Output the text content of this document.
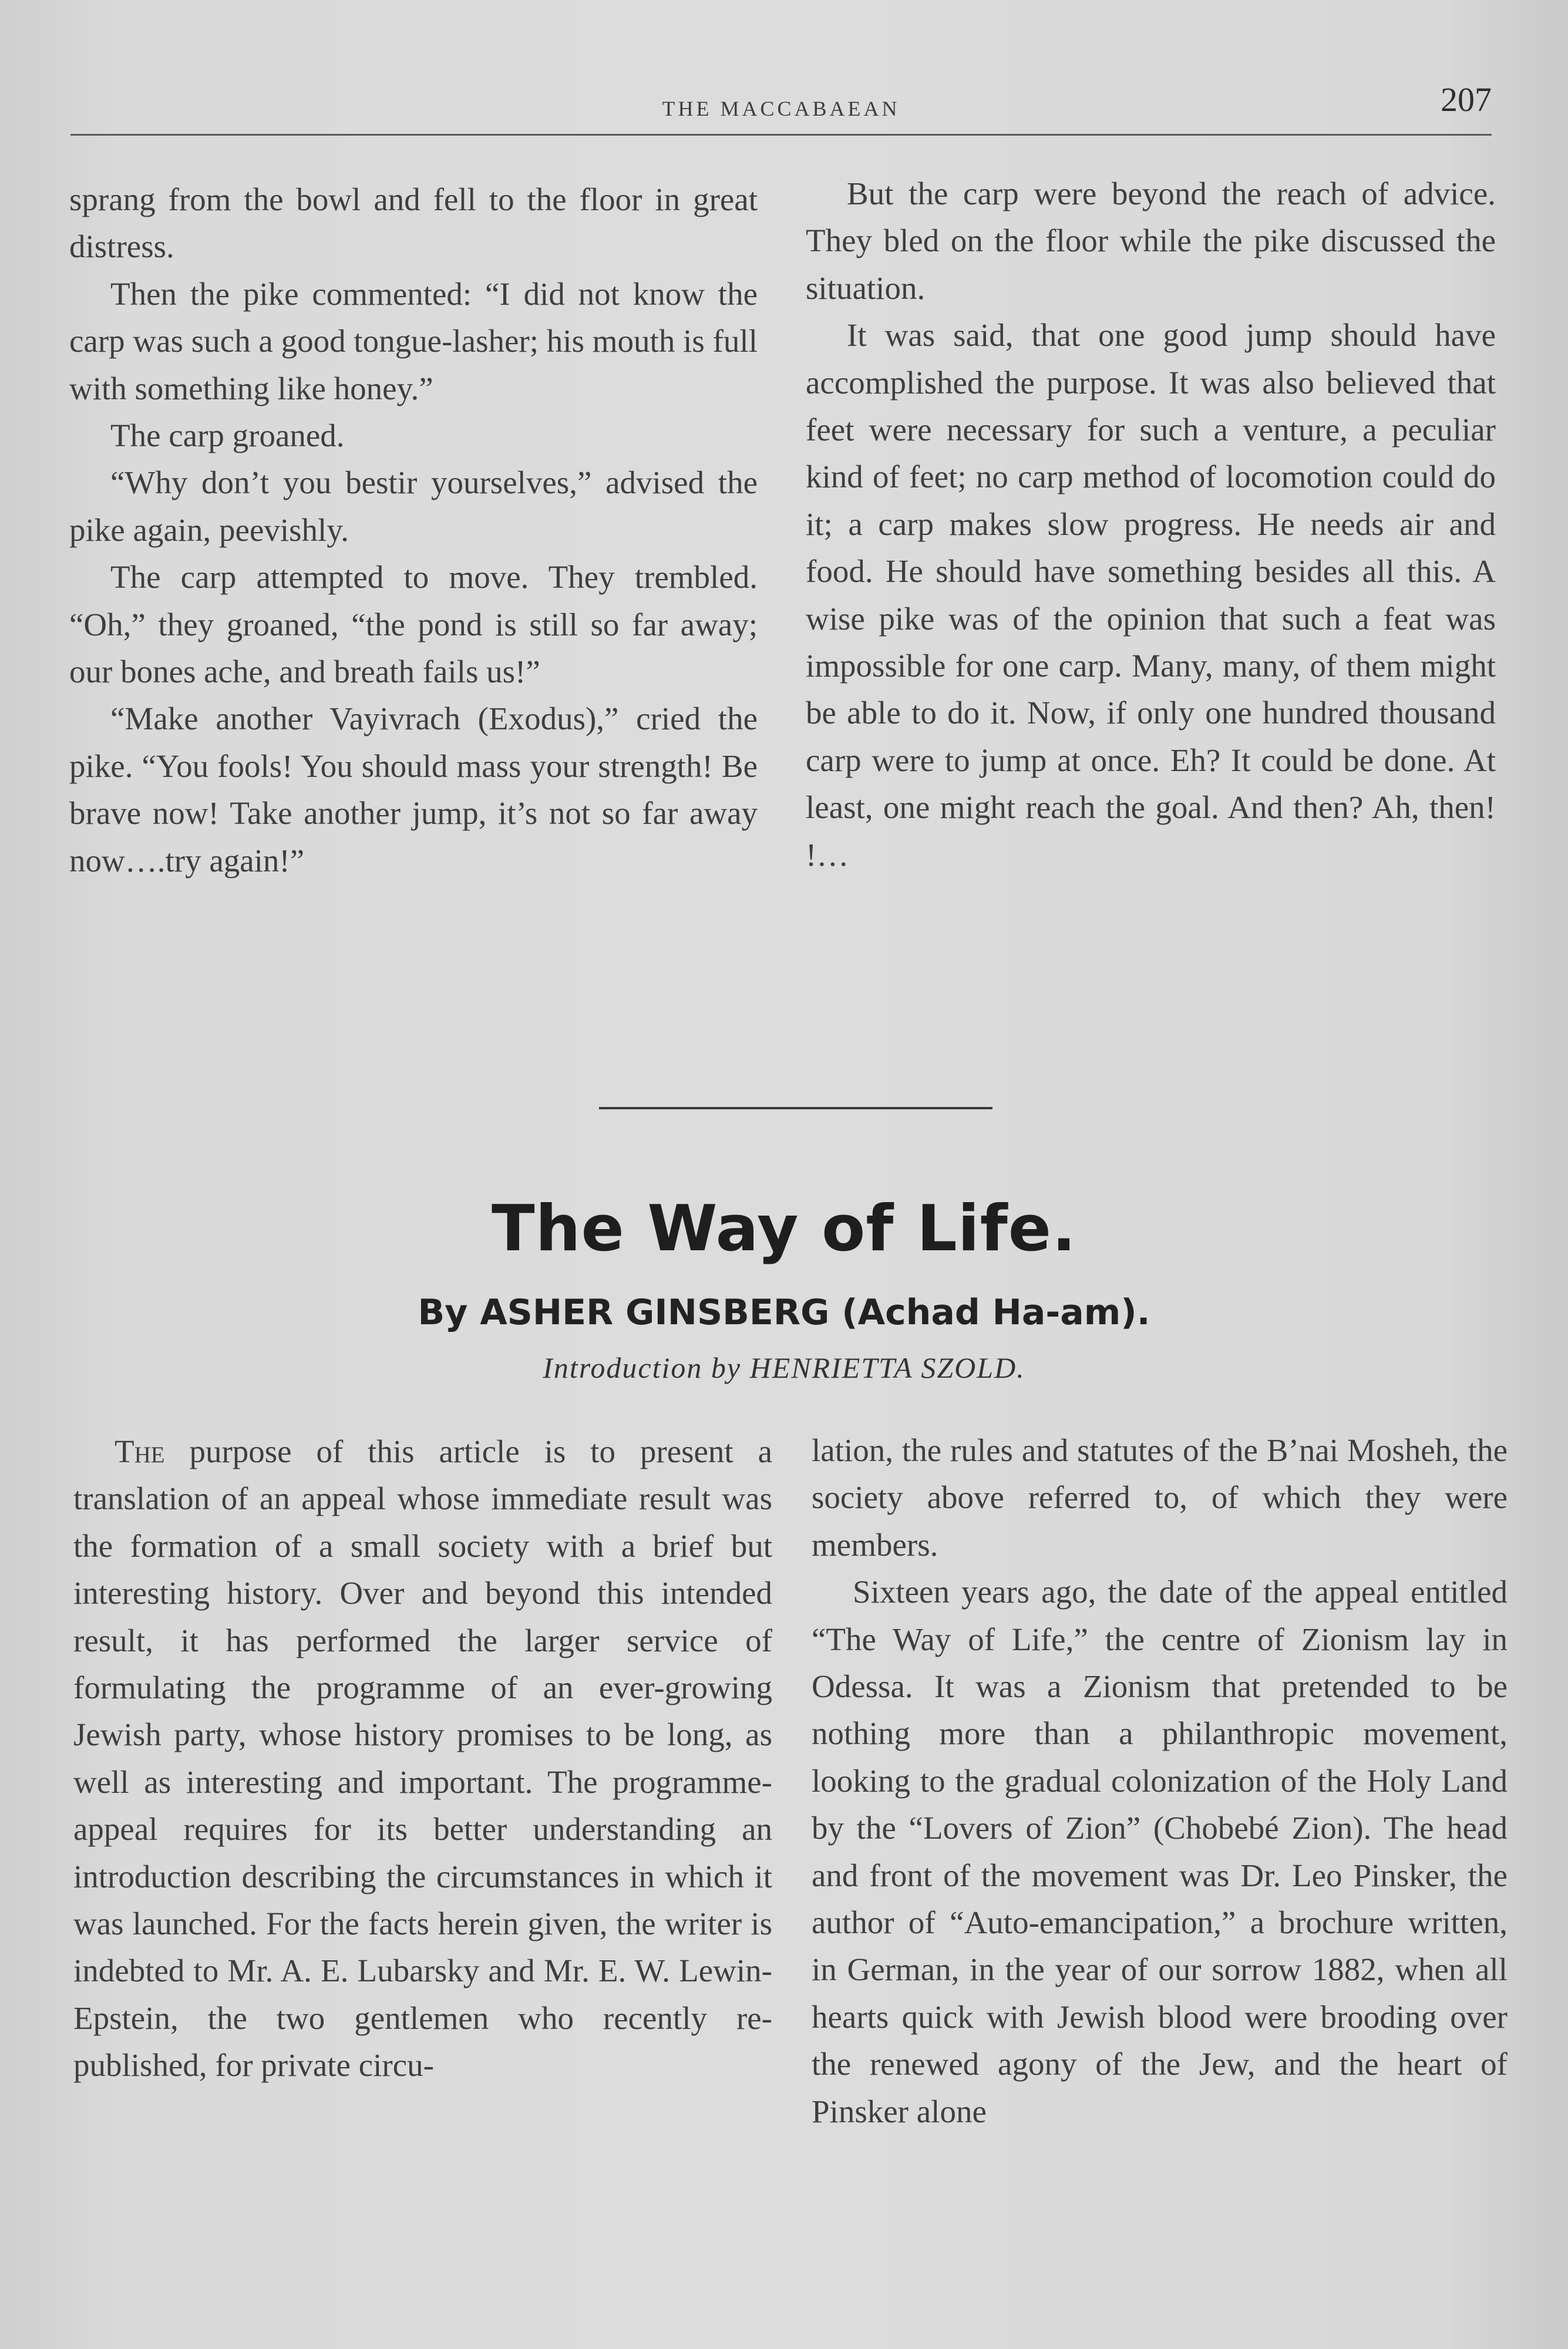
THE MACCABAEAN	207

sprang from the bowl and fell to the floor in great distress.

Then the pike commented: “I did not know the carp was such a good tongue-lasher; his mouth is full with something like honey.”

The carp groaned.

“Why don’t you bestir yourselves,” advised the pike again, peevishly.

The carp attempted to move. They trembled. “Oh,” they groaned, “the pond is still so far away; our bones ache, and breath fails us!”

“Make another Vayivrach (Exodus),” cried the pike. “You fools! You should mass your strength! Be brave now! Take another jump, it’s not so far away now….try again!”

But the carp were beyond the reach of advice. They bled on the floor while the pike discussed the situation.

It was said, that one good jump should have accomplished the purpose. It was also believed that feet were necessary for such a venture, a peculiar kind of feet; no carp method of locomotion could do it; a carp makes slow progress. He needs air and food. He should have something besides all this. A wise pike was of the opinion that such a feat was impossible for one carp. Many, many, of them might be able to do it. Now, if only one hundred thousand carp were to jump at once. Eh? It could be done. At least, one might reach the goal. And then? Ah, then! !…

The Way of Life.
By ASHER GINSBERG (Achad Ha-am).
Introduction by HENRIETTA SZOLD.

The purpose of this article is to present a translation of an appeal whose immediate result was the formation of a small society with a brief but interesting history. Over and beyond this intended result, it has performed the larger service of formulating the programme of an ever-growing Jewish party, whose history promises to be long, as well as interesting and important. The programme-appeal requires for its better understanding an introduction describing the circumstances in which it was launched. For the facts herein given, the writer is indebted to Mr. A. E. Lubarsky and Mr. E. W. Lewin-Epstein, the two gentlemen who recently re-published, for private circu-

lation, the rules and statutes of the B’nai Mosheh, the society above referred to, of which they were members.

Sixteen years ago, the date of the appeal entitled “The Way of Life,” the centre of Zionism lay in Odessa. It was a Zionism that pretended to be nothing more than a philanthropic movement, looking to the gradual colonization of the Holy Land by the “Lovers of Zion” (Chobebé Zion). The head and front of the movement was Dr. Leo Pinsker, the author of “Auto-emancipation,” a brochure written, in German, in the year of our sorrow 1882, when all hearts quick with Jewish blood were brooding over the renewed agony of the Jew, and the heart of Pinsker alone
